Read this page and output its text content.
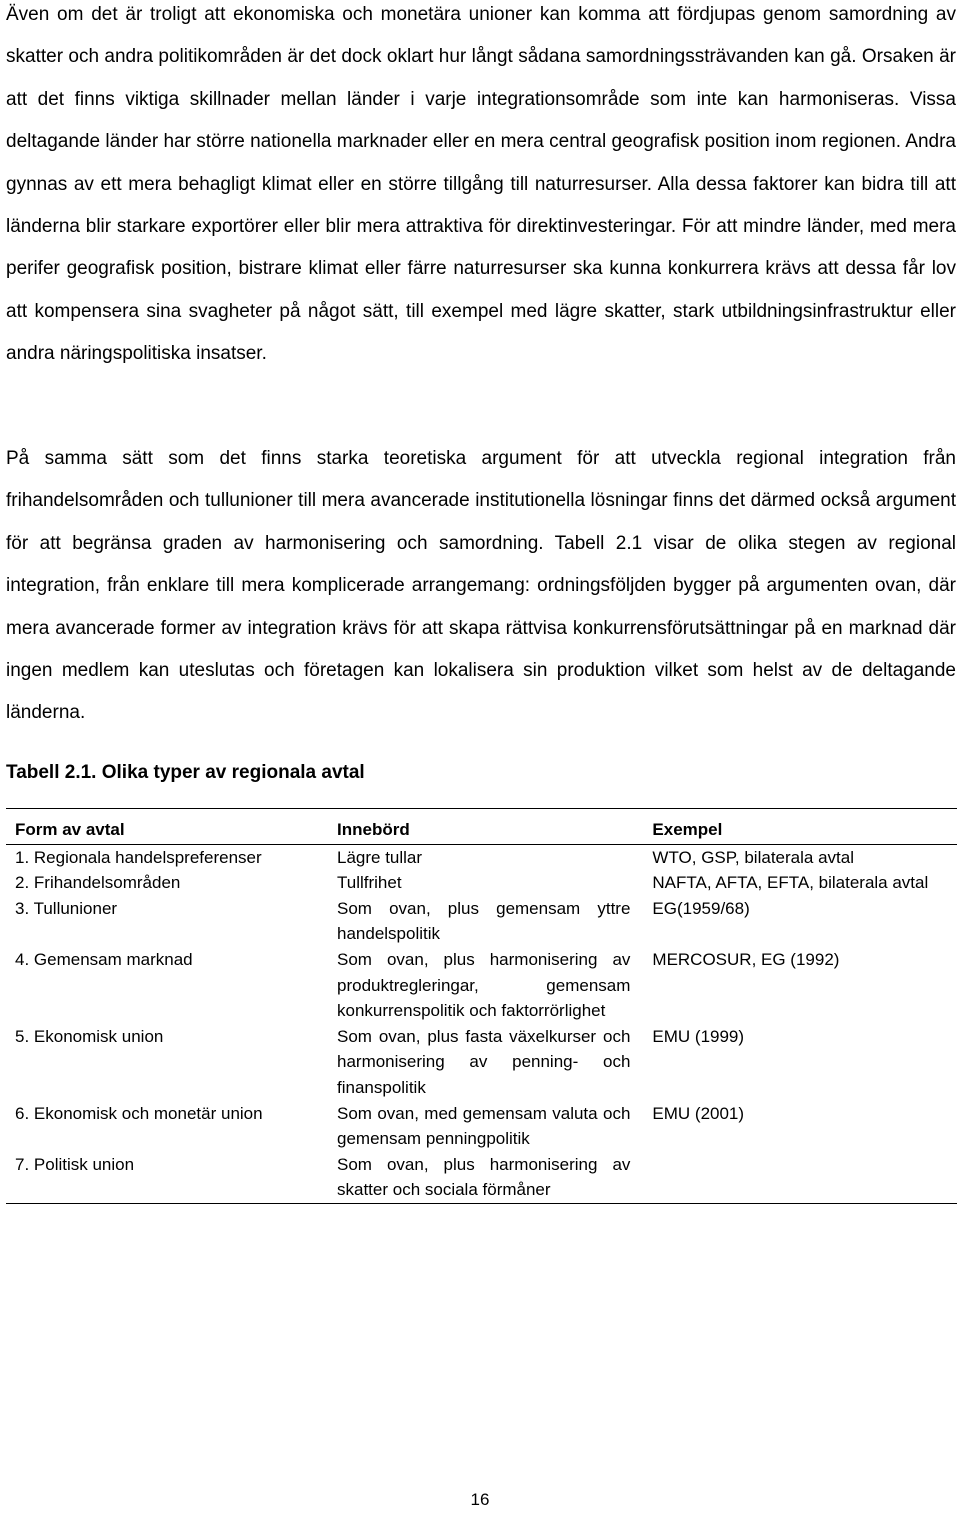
Även om det är troligt att ekonomiska och monetära unioner kan komma att fördjupas genom samordning av skatter och andra politikområden är det dock oklart hur långt sådana samordningssträvanden kan gå. Orsaken är att det finns viktiga skillnader mellan länder i varje integrationsområde som inte kan harmoniseras. Vissa deltagande länder har större nationella marknader eller en mera central geografisk position inom regionen. Andra gynnas av ett mera behagligt klimat eller en större tillgång till naturresurser. Alla dessa faktorer kan bidra till att länderna blir starkare exportörer eller blir mera attraktiva för direktinvesteringar. För att mindre länder, med mera perifer geografisk position, bistrare klimat eller färre naturresurser ska kunna konkurrera krävs att dessa får lov att kompensera sina svagheter på något sätt, till exempel med lägre skatter, stark utbildningsinfrastruktur eller andra näringspolitiska insatser.

På samma sätt som det finns starka teoretiska argument för att utveckla regional integration från frihandelsområden och tullunioner till mera avancerade institutionella lösningar finns det därmed också argument för att begränsa graden av harmonisering och samordning. Tabell 2.1 visar de olika stegen av regional integration, från enklare till mera komplicerade arrangemang: ordningsföljden bygger på argumenten ovan, där mera avancerade former av integration krävs för att skapa rättvisa konkurrensförutsättningar på en marknad där ingen medlem kan uteslutas och företagen kan lokalisera sin produktion vilket som helst av de deltagande länderna.

Tabell 2.1. Olika typer av regionala avtal

Form av avtal	Innebörd	Exempel
1. Regionala handelspreferenser	Lägre tullar	WTO, GSP, bilaterala avtal
2. Frihandelsområden	Tullfrihet	NAFTA, AFTA, EFTA, bilaterala avtal
3. Tullunioner	Som ovan, plus gemensam yttre handelspolitik	EG(1959/68)
4. Gemensam marknad	Som ovan, plus harmonisering av produktregleringar, gemensam konkurrenspolitik och faktorrörlighet	MERCOSUR, EG (1992)
5. Ekonomisk union	Som ovan, plus fasta växelkurser och harmonisering av penning- och finanspolitik	EMU (1999)
6. Ekonomisk och monetär union	Som ovan, med gemensam valuta och gemensam penningpolitik	EMU (2001)
7. Politisk union	Som ovan, plus harmonisering av skatter och sociala förmåner	

16
